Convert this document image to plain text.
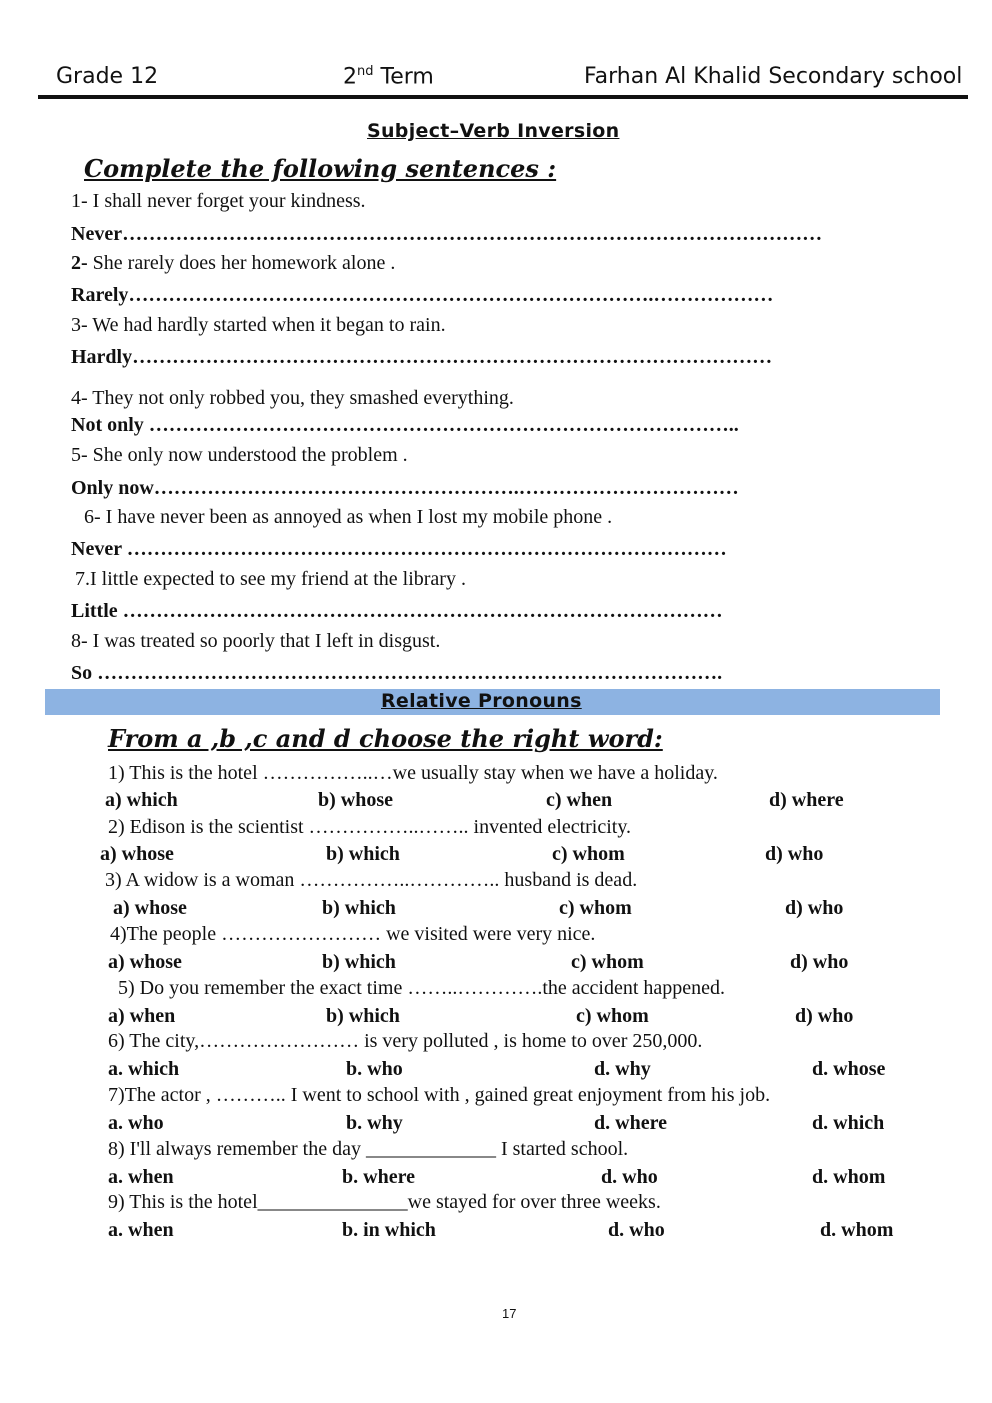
Grade 12	2nd Term	Farhan Al Khalid Secondary school
Subject–Verb Inversion
Complete the following sentences :
1- I shall never forget your kindness.
Never……………………………………………………………………………………………
2- She rarely does her homework alone .
Rarely…………………………………………………………………….………………
3- We had hardly started when it began to rain.
Hardly……………………………………………………………………………………
4- They not only robbed you, they smashed everything.
Not only ……………………………………………………………………………..
5- She only now understood the problem .
Only now……………………………………………….……………………………
6- I have never been as annoyed as when I lost my mobile phone .
Never ………………………………………………………………………………
7.I little expected to see my friend at the library .
Little ………………………………………………………………………………
8- I was treated so poorly that I left in disgust.
So ………………………………………………………………………………….
Relative Pronouns
From a ,b ,c and d choose the right word:
1) This is the hotel ……………..…we usually stay when we have a holiday.
a) which	b) whose	c) when	d) where
2) Edison is the scientist ……………..…….. invented electricity.
a) whose	b) which	c) whom	d) who
3) A widow is a woman ……………..………….. husband is dead.
a) whose	b) which	c) whom	d) who
4)The people …………………… we visited were very nice.
a) whose	b) which	c) whom	d) who
5) Do you remember the exact time ……..………….the accident happened.
a) when	b) which	c) whom	d) who
6) The city,…………………… is very polluted , is home to over 250,000.
a. which	b. who	d. why	d. whose
7)The actor , ……….. I went to school with , gained great enjoyment from his job.
a. who	b. why	d. where	d. which
8) I'll always remember the day _____________ I started school.
a. when	b. where	d. who	d. whom
9) This is the hotel_______________we stayed for over three weeks.
a. when	b. in which	d. who	d. whom
17
